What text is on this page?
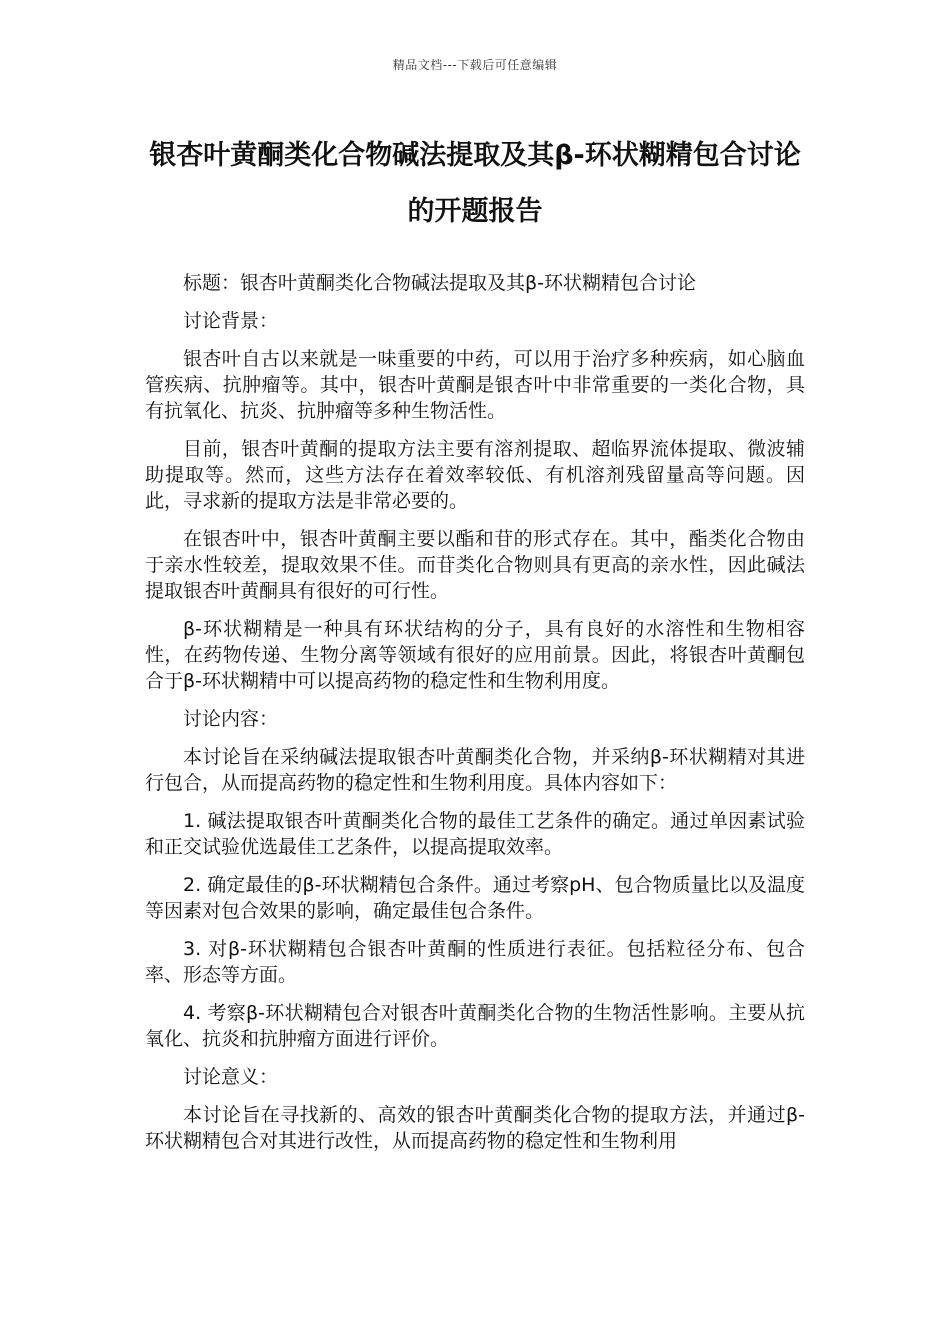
精品文档---下载后可任意编辑
银杏叶黄酮类化合物碱法提取及其β-环状糊精包合讨论的开题报告

标题：银杏叶黄酮类化合物碱法提取及其β-环状糊精包合讨论

讨论背景：

银杏叶自古以来就是一味重要的中药，可以用于治疗多种疾病，如心脑血管疾病、抗肿瘤等。其中，银杏叶黄酮是银杏叶中非常重要的一类化合物，具有抗氧化、抗炎、抗肿瘤等多种生物活性。

目前，银杏叶黄酮的提取方法主要有溶剂提取、超临界流体提取、微波辅助提取等。然而，这些方法存在着效率较低、有机溶剂残留量高等问题。因此，寻求新的提取方法是非常必要的。

在银杏叶中，银杏叶黄酮主要以酯和苷的形式存在。其中，酯类化合物由于亲水性较差，提取效果不佳。而苷类化合物则具有更高的亲水性，因此碱法提取银杏叶黄酮具有很好的可行性。

β-环状糊精是一种具有环状结构的分子，具有良好的水溶性和生物相容性，在药物传递、生物分离等领域有很好的应用前景。因此，将银杏叶黄酮包合于β-环状糊精中可以提高药物的稳定性和生物利用度。

讨论内容：

本讨论旨在采纳碱法提取银杏叶黄酮类化合物，并采纳β-环状糊精对其进行包合，从而提高药物的稳定性和生物利用度。具体内容如下：

1. 碱法提取银杏叶黄酮类化合物的最佳工艺条件的确定。通过单因素试验和正交试验优选最佳工艺条件，以提高提取效率。

2. 确定最佳的β-环状糊精包合条件。通过考察pH、包合物质量比以及温度等因素对包合效果的影响，确定最佳包合条件。

3. 对β-环状糊精包合银杏叶黄酮的性质进行表征。包括粒径分布、包合率、形态等方面。

4. 考察β-环状糊精包合对银杏叶黄酮类化合物的生物活性影响。主要从抗氧化、抗炎和抗肿瘤方面进行评价。

讨论意义：

本讨论旨在寻找新的、高效的银杏叶黄酮类化合物的提取方法，并通过β-环状糊精包合对其进行改性，从而提高药物的稳定性和生物利用
